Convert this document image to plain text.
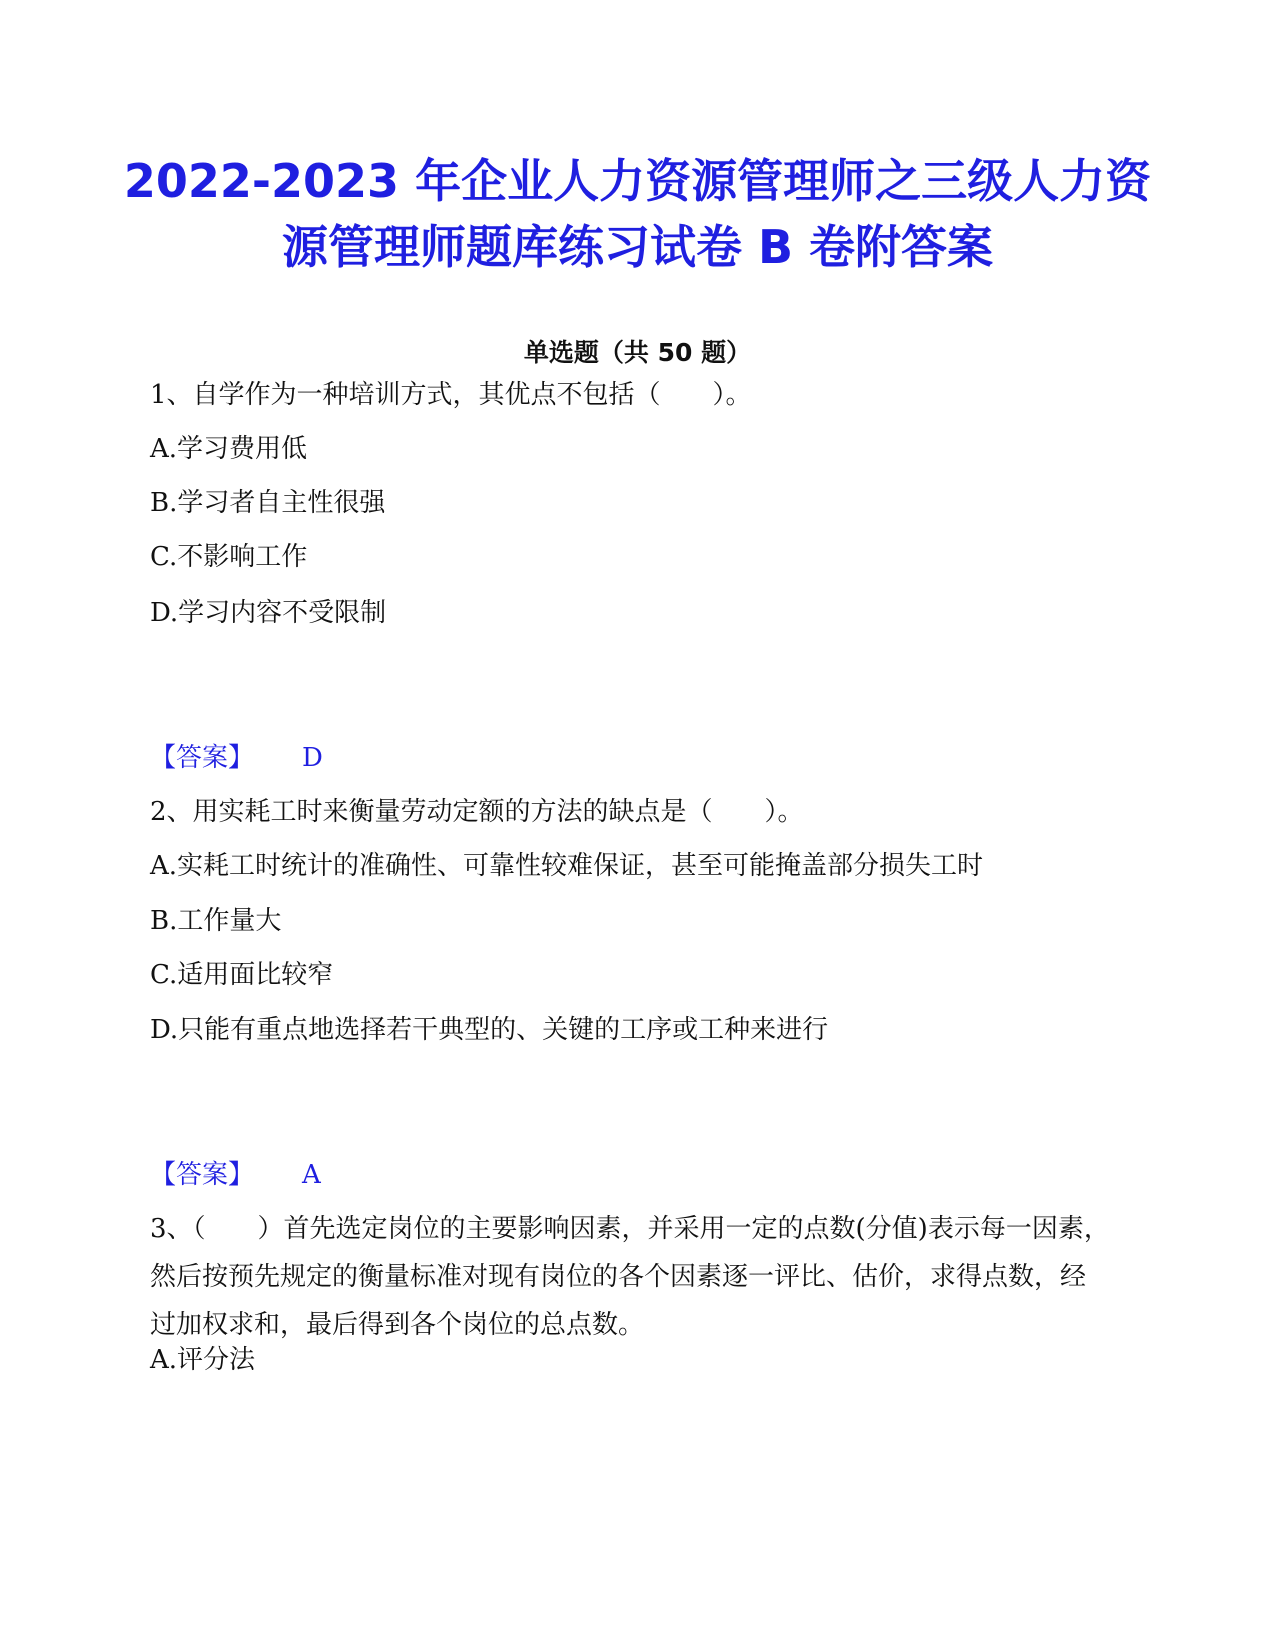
2022-2023 年企业人力资源管理师之三级人力资源管理师题库练习试卷 B 卷附答案
单选题（共 50 题）

1、自学作为一种培训方式，其优点不包括（　　）。

A.学习费用低
B.学习者自主性很强
C.不影响工作
D.学习内容不受限制
【答案】 D

2、用实耗工时来衡量劳动定额的方法的缺点是（　　）。

A.实耗工时统计的准确性、可靠性较难保证，甚至可能掩盖部分损失工时
B.工作量大
C.适用面比较窄
D.只能有重点地选择若干典型的、关键的工序或工种来进行
【答案】 A

3、（　　）首先选定岗位的主要影响因素，并采用一定的点数(分值)表示每一因素，然后按预先规定的衡量标准对现有岗位的各个因素逐一评比、估价，求得点数，经过加权求和，最后得到各个岗位的总点数。

A.评分法
